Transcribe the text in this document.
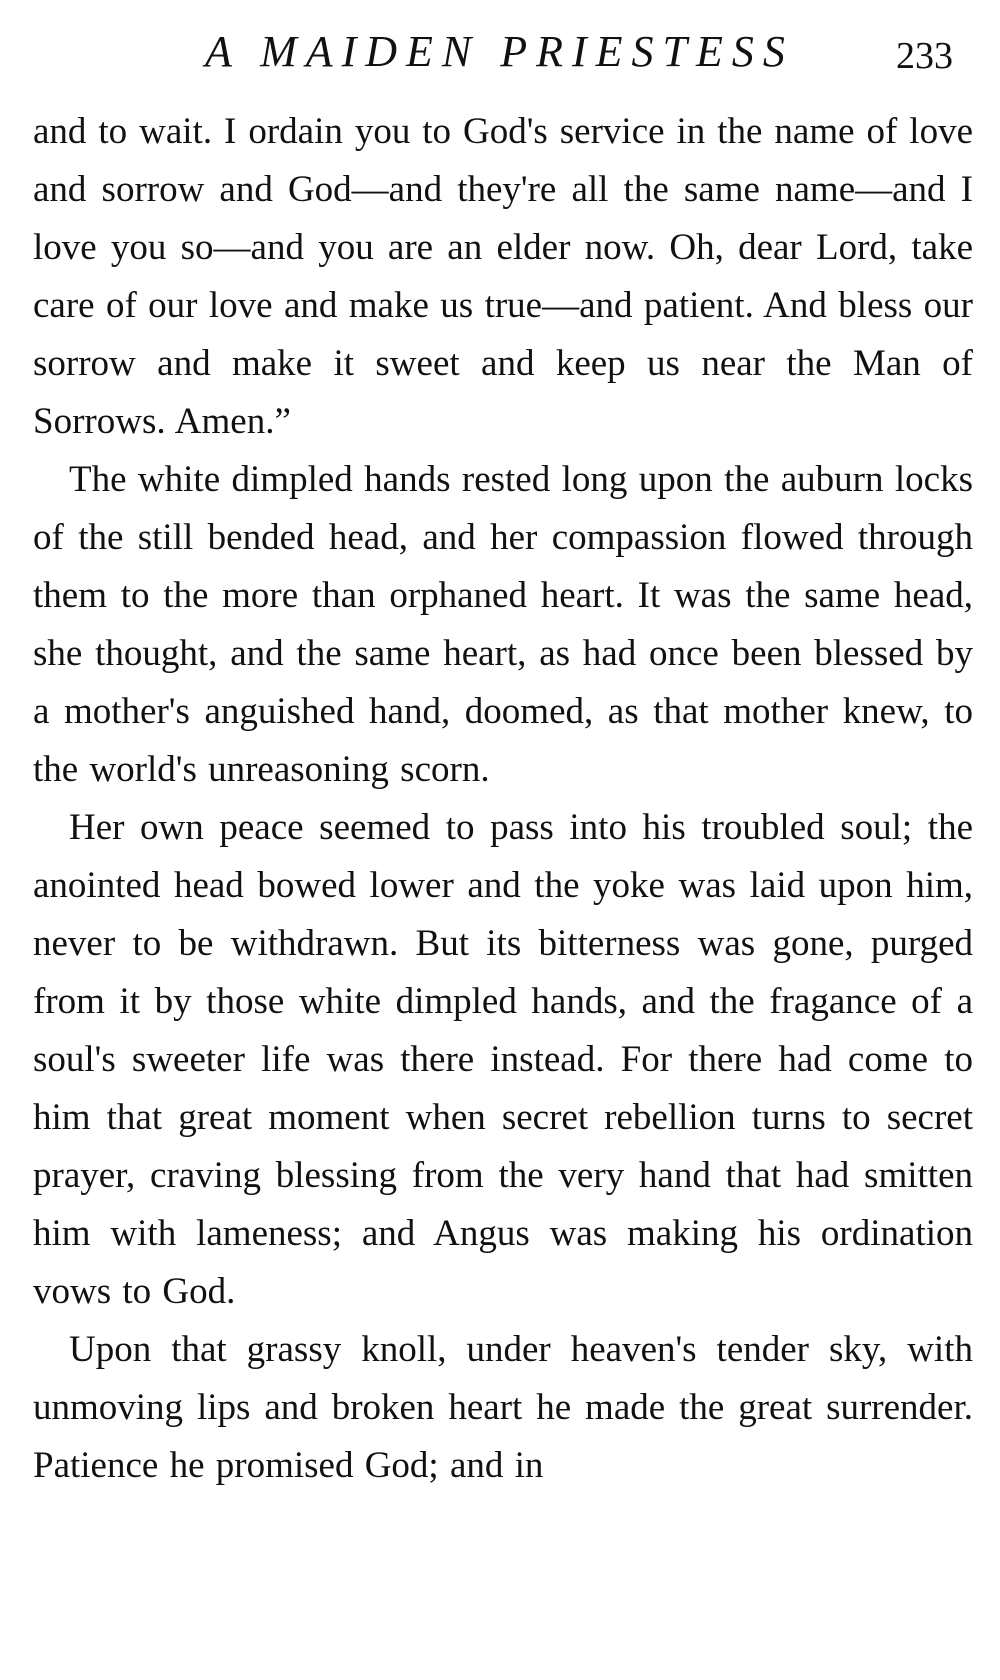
A MAIDEN PRIESTESS	233

and to wait. I ordain you to God's service in the name of love and sorrow and God—and they're all the same name—and I love you so—and you are an elder now. Oh, dear Lord, take care of our love and make us true—and patient. And bless our sorrow and make it sweet and keep us near the Man of Sorrows. Amen.”

The white dimpled hands rested long upon the auburn locks of the still bended head, and her compassion flowed through them to the more than orphaned heart. It was the same head, she thought, and the same heart, as had once been blessed by a mother's anguished hand, doomed, as that mother knew, to the world's unreasoning scorn.

Her own peace seemed to pass into his troubled soul; the anointed head bowed lower and the yoke was laid upon him, never to be withdrawn. But its bitterness was gone, purged from it by those white dimpled hands, and the fragance of a soul's sweeter life was there instead. For there had come to him that great moment when secret rebellion turns to secret prayer, craving blessing from the very hand that had smitten him with lameness; and Angus was making his ordination vows to God.

Upon that grassy knoll, under heaven's tender sky, with unmoving lips and broken heart he made the great surrender. Patience he promised God; and in
